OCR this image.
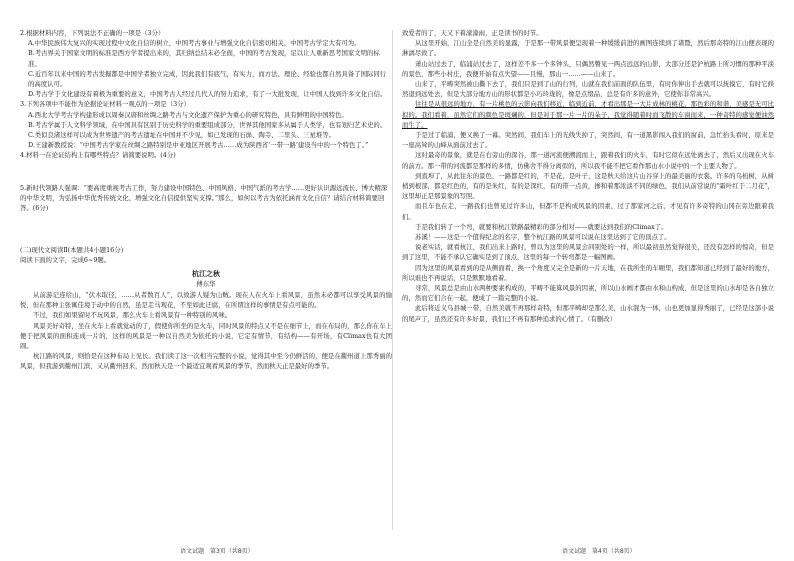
2.根据材料内容，下列说法不正确的一项是（3分）

A.中华民族伟大复兴的实现过程中文化自信的树立，中国考古事业与增强文化自信密切相关，中国考古学定大有可为。

B.考古界关于国家文明的标准是西方学者提出来的，其归纳总结未必全面，中国的考古发现，足以让人重新思考国家文明的标准。

C.近百年以来中国的考古发掘都是中国学者独立完成，因此我们有底气，有实力，而方法、理论、经验也都自然具备了国际同行的高度认可。

D.考古学于文化建设有着极为重要的意义，中国考古人经过几代人的努力追求，有了一大批发现，让中国人找到许多文化自信。

3.下列各项中不能作为论据论证材料一观点的一项是（3分）

A.西北大学考古学构建形成以周秦汉唐和丝绸之路考古与文化遗产保护为重心的研究特色，具有鲜明的中国特色。

B.考古学属于人文科学领域，在中国具有区别于历史科学的重要组成部分，世界其他国家多从属于人类学，也有划归艺术史的。

C.类似良渚这样可以成为世界遗产的考古遗址在中国并不少见，如已发现的石峁、陶寺、二里头、三星堆等。

D.王建新教授说：“中国考古学家在丝绸之路特别是中亚地区开展考古……成为陕西省‘一带一路’建设当中的一个特色了。”

4.材料一在论证结构上有哪些特点？请简要说明。(4分)

5.新时代领路人强调：“要高度重视考古工作，努力建设中国特色、中国风格、中国气派的考古学……更好认识源远流长、博大精深的中华文明，为弘扬中华优秀传统文化、增强文化自信提供坚实支撑。”那么，如何以考古为依托涵育文化自信？请结合材料简要回答。(6分)

(二)现代文阅读Ⅱ(本题共4小题16分)

阅读下面的文字，完成6~9题。

杭江之秋

傅东华

从前游记连给山，“伏木取径，……从者数百人”，以致游人疑为山贼。现在人在火车上看风景，虽然未必都可以享受风景的愉悦，但在那种主张寓佳境于动中的自然，虽是走马观花，不至如此迂腐，在所谓这样的事情是有点可能的。

不过，我们如果留时不玩风景，那么火车上看风景有一种特别的风味。

风景美好奇特，坐在火车上看就觉动的了，假使你所坐的是火车，同时风景的特点又不是在细节上，而在布局的，那么你在车上便于把风景的面积连成一片的，这样的风景是一种以自然美为依托的小说，它定有情节，有结构——有开场，有Climax也有大团圆。

杭江路的风景，则恰是在这种布局上见长。我们读了这一次相当完整的小说，觉得其中至今仍鲜活的，便是在衢州道上那秀丽的风景，但我游到衢州江滨，又从衢州回来，然而秋天是一个最适宜观看风景的季节，然而秋天正是最好的季节。

致爱者的了，天又下着濛濛雨，正是读书的时节。

从这里开始，江山全是自然美的显露，于是那一带风景便呈现着一种缓缓前进的画图连续到了诸暨，然后那奇特的江山便表现的淋漓尽致了。

萧山站过去了，临浦站过去了，这样差不多一个多钟头，只偶然瞥见一两点远远的山影，大部分还是沪杭路上所习惯的那种平淡的景色，那些小村庄，我便开始有点失望——且慢，那山一……——山来了。

山来了，平畴突然被山撕下去了，我们只是到了山的行列，山就在我们前面的队伍里，有时你伸出手去就可以抚摸它，有时它倏然退到远处去，但是大部分地方山的形状都是小巧玲珑的，像是点缀品，总是有许多的意外，它使你非常高兴。

往往是从很远的地方，有一片桃色的云影向我们移近，临到近前，才看出那是一大片成林的桃花，那色彩的和谐，美感是无可比拟的。我们看着，虽然它们的颜色是斑斓的，但是对于那一片一片的朵子，我觉得随着时而飞散的车窗而来，一种奇特的感觉便油然而生了。

于是过了临浦，便又换了一幕。突然间，我们车上的光线失掉了，突然间，有一道黑影闯入我们的窗前，急忙抬头看时，原来是一座高耸的山峰从面前过去了。

这时最奇的景象，就是在右旁山的深谷，那一道河流便溯流而上，跟着我们的火车，有时它似在远处离去了，然后又出现在火车的前方。那一带的河流都是那样的多情，仿佛舍不得分离似的，所以我不能不把它看作那山水小说中的一个主要人物了。

到直埠了，从此往东的景色，一路都是红的，不是花，是叶子，这是秋天给这片山谷穿上的最美丽的衣裳。许多的乌桕树，从树梢到根部，都是红色的，有的是朱红，有的是深红，有的带一点黄，掺和着那浓淡不同的绿色，我们从前常说的“霜叶红于二月花”，这里却正是那景象的写照。

而且车也在走，一路我们也曾见过许多山，但都不是构成风景的因素，过了那家河之后，才见有许多奇特的山冈在旁边跟着我们。

于是我们转了一个弯，就要和杭江铁路最精彩的部分相对——就要达到我们的Climax了。

苏溪！——这是一个值得纪念的名字，整个杭江路的风景可以说在这里达到了它的顶点了。

说老实话，就看杭江，我们出来上路时，曾以为这里的风景会同别处的一样，所以最初虽然觉得很美，还没有怎样的惊奇，但是到了这里，不能不承认它确实是到了顶点，这里的每一个转弯都是一幅图画。

因为这里的风景看到的是从侧面看，换一个角度又完全是新的一片天地，在我所坐的车厢里，我们都知道已经到了最好的地方，所以谁也不再说话，只是默默地看着。

寻常，风景总是由山水两种要素构成的，平畴不能算风景的因素，所以山水画才都由水和山构成，但是这里的山水却是各自独立的，然而它们合在一起，便成了一篇完整的小说。

此后将近义乌县城一带，自然美就不再那样奇特，但那平畴却是那么美，山水混为一体，山也更加显得秀丽了，已经是这部小说的尾声了，虽然还有许多好景，我们已不再有那种追求的心情了。（有删改）

语文试题　第3页（共8页）	语文试题　第4页（共8页）
